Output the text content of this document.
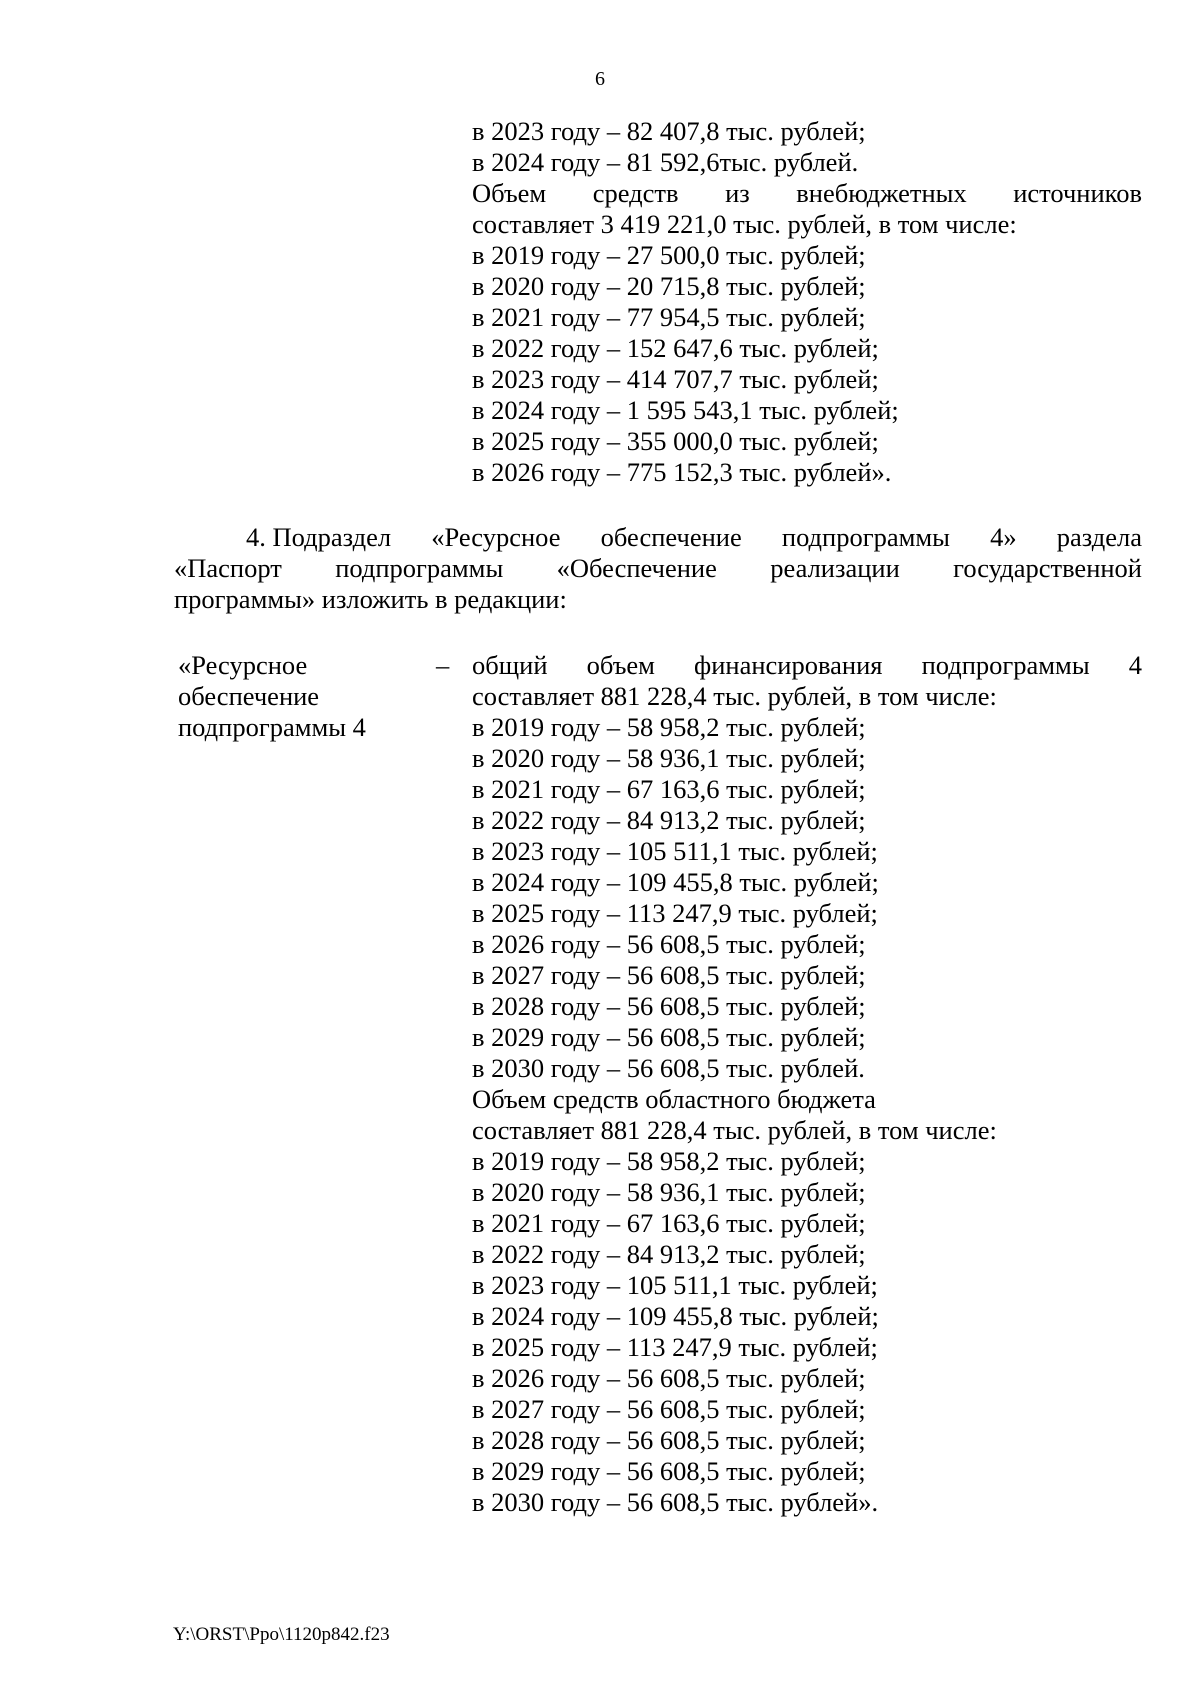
6
в 2023 году – 82 407,8 тыс. рублей;
в 2024 году – 81 592,6тыс. рублей.
Объем средств из внебюджетных источников
составляет 3 419 221,0 тыс. рублей, в том числе:
в 2019 году – 27 500,0 тыс. рублей;
в 2020 году – 20 715,8 тыс. рублей;
в 2021 году – 77 954,5 тыс. рублей;
в 2022 году – 152 647,6 тыс. рублей;
в 2023 году – 414 707,7 тыс. рублей;
в 2024 году – 1 595 543,1 тыс. рублей;
в 2025 году – 355 000,0 тыс. рублей;
в 2026 году – 775 152,3 тыс. рублей».
4. Подраздел «Ресурсное обеспечение подпрограммы 4» раздела
«Паспорт подпрограммы «Обеспечение реализации государственной
программы» изложить в редакции:
«Ресурсное
обеспечение
подпрограммы 4
– общий объем финансирования подпрограммы 4
составляет 881 228,4 тыс. рублей, в том числе:
в 2019 году – 58 958,2 тыс. рублей;
в 2020 году – 58 936,1 тыс. рублей;
в 2021 году – 67 163,6 тыс. рублей;
в 2022 году – 84 913,2 тыс. рублей;
в 2023 году – 105 511,1 тыс. рублей;
в 2024 году – 109 455,8 тыс. рублей;
в 2025 году – 113 247,9 тыс. рублей;
в 2026 году – 56 608,5 тыс. рублей;
в 2027 году – 56 608,5 тыс. рублей;
в 2028 году – 56 608,5 тыс. рублей;
в 2029 году – 56 608,5 тыс. рублей;
в 2030 году – 56 608,5 тыс. рублей.
Объем средств областного бюджета
составляет 881 228,4 тыс. рублей, в том числе:
в 2019 году – 58 958,2 тыс. рублей;
в 2020 году – 58 936,1 тыс. рублей;
в 2021 году – 67 163,6 тыс. рублей;
в 2022 году – 84 913,2 тыс. рублей;
в 2023 году – 105 511,1 тыс. рублей;
в 2024 году – 109 455,8 тыс. рублей;
в 2025 году – 113 247,9 тыс. рублей;
в 2026 году – 56 608,5 тыс. рублей;
в 2027 году – 56 608,5 тыс. рублей;
в 2028 году – 56 608,5 тыс. рублей;
в 2029 году – 56 608,5 тыс. рублей;
в 2030 году – 56 608,5 тыс. рублей».
Y:\ORST\Ppo\1120p842.f23
